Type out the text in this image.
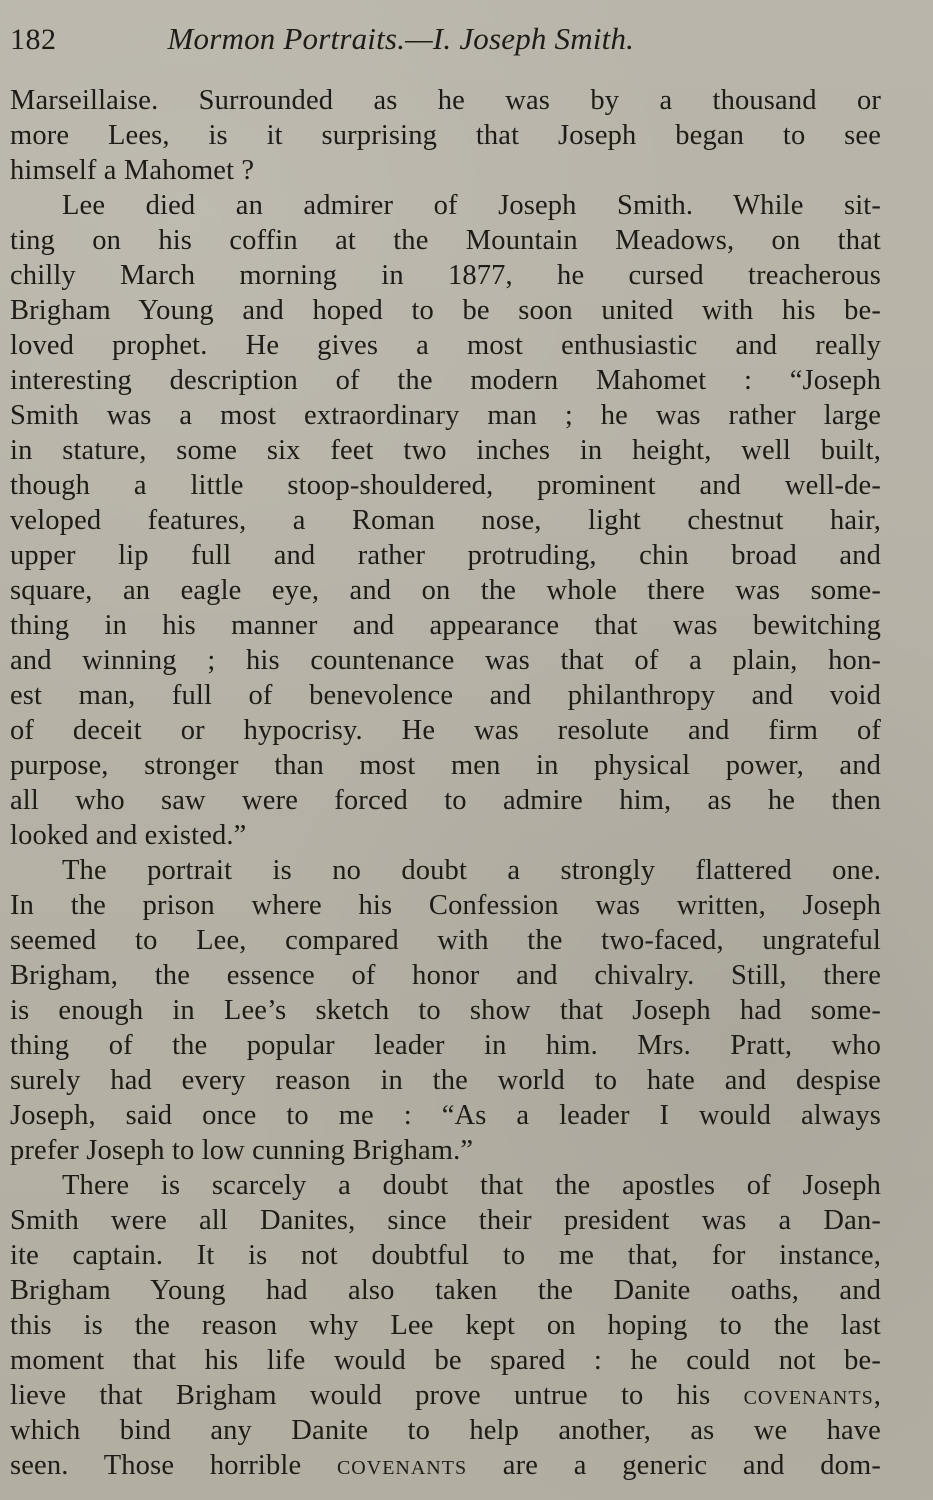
182	Mormon Portraits.—I. Joseph Smith.
Marseillaise. Surrounded as he was by a thousand or
more Lees, is it surprising that Joseph began to see
himself a Mahomet ?
Lee died an admirer of Joseph Smith. While sit-
ting on his coffin at the Mountain Meadows, on that
chilly March morning in 1877, he cursed treacherous
Brigham Young and hoped to be soon united with his be-
loved prophet. He gives a most enthusiastic and really
interesting description of the modern Mahomet : “Joseph
Smith was a most extraordinary man ; he was rather large
in stature, some six feet two inches in height, well built,
though a little stoop-shouldered, prominent and well-de-
veloped features, a Roman nose, light chestnut hair,
upper lip full and rather protruding, chin broad and
square, an eagle eye, and on the whole there was some-
thing in his manner and appearance that was bewitching
and winning ; his countenance was that of a plain, hon-
est man, full of benevolence and philanthropy and void
of deceit or hypocrisy. He was resolute and firm of
purpose, stronger than most men in physical power, and
all who saw were forced to admire him, as he then
looked and existed.”
The portrait is no doubt a strongly flattered one.
In the prison where his Confession was written, Joseph
seemed to Lee, compared with the two-faced, ungrateful
Brigham, the essence of honor and chivalry. Still, there
is enough in Lee’s sketch to show that Joseph had some-
thing of the popular leader in him. Mrs. Pratt, who
surely had every reason in the world to hate and despise
Joseph, said once to me : “As a leader I would always
prefer Joseph to low cunning Brigham.”
There is scarcely a doubt that the apostles of Joseph
Smith were all Danites, since their president was a Dan-
ite captain. It is not doubtful to me that, for instance,
Brigham Young had also taken the Danite oaths, and
this is the reason why Lee kept on hoping to the last
moment that his life would be spared : he could not be-
lieve that Brigham would prove untrue to his covenants,
which bind any Danite to help another, as we have
seen. Those horrible covenants are a generic and dom-
